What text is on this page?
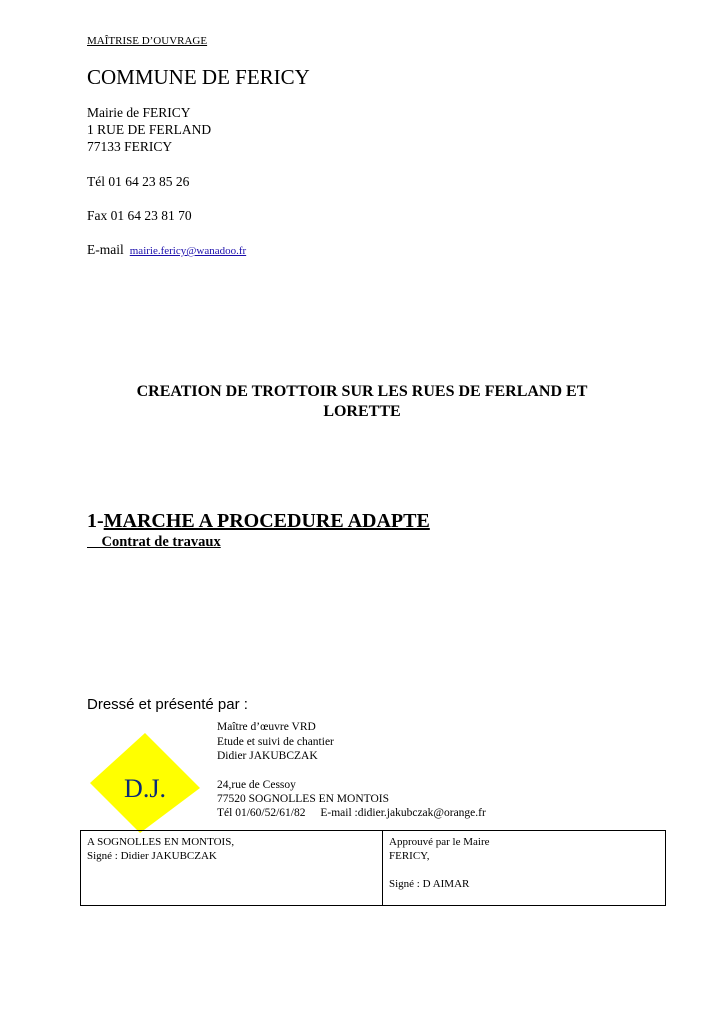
MAÎTRISE D’OUVRAGE
COMMUNE DE FERICY
Mairie de FERICY
1 RUE DE FERLAND
77133 FERICY
Tél 01 64 23 85 26
Fax 01 64 23 81 70
E-mail mairie.fericy@wanadoo.fr
CREATION DE TROTTOIR SUR LES RUES DE FERLAND ET
LORETTE
1-MARCHE A PROCEDURE ADAPTE
Contrat de travaux
Dressé et présenté par :
Maître d’œuvre VRD
Etude et suivi de chantier
Didier JAKUBCZAK
24,rue de Cessoy
77520 SOGNOLLES EN MONTOIS
Tél 01/60/52/61/82 E-mail :didier.jakubczak@orange.fr
D.J.
A SOGNOLLES EN MONTOIS,
Signé : Didier JAKUBCZAK
Approuvé par le Maire
FERICY,
Signé : D AIMAR
